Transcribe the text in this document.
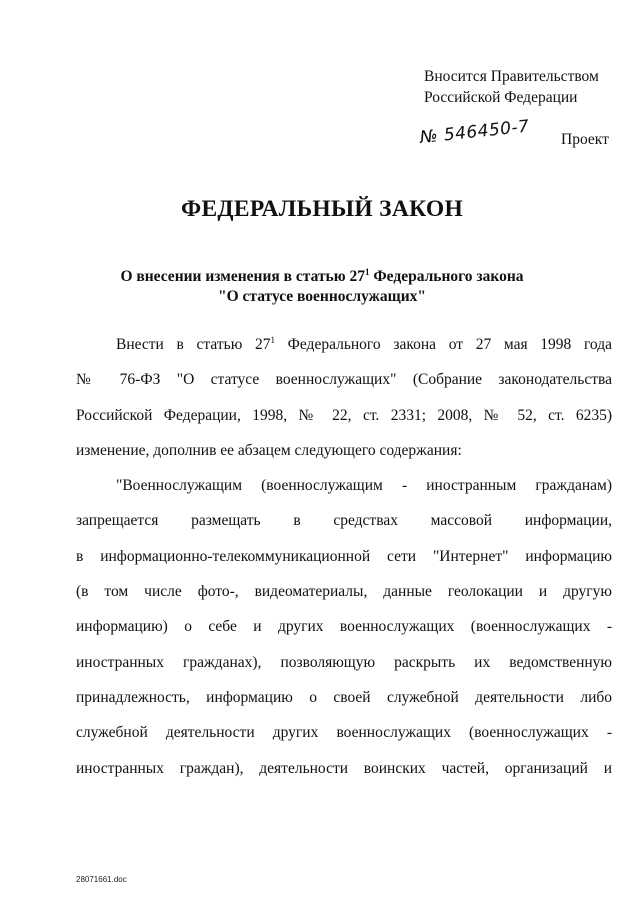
Вносится Правительством
Российской Федерации
№ 546450-7 Проект
ФЕДЕРАЛЬНЫЙ ЗАКОН
О внесении изменения в статью $27^1$ Федерального закона
"О статусе военнослужащих"
Внести в статью $27^1$ Федерального закона от 27 мая 1998 года
№ 76-ФЗ "О статусе военнослужащих" (Собрание законодательства
Российской Федерации, 1998, № 22, ст. 2331; 2008, № 52, ст. 6235)
изменение, дополнив ее абзацем следующего содержания:
"Военнослужащим (военнослужащим - иностранным гражданам)
запрещается размещать в средствах массовой информации,
в информационно-телекоммуникационной сети "Интернет" информацию
(в том числе фото-, видеоматериалы, данные геолокации и другую
информацию) о себе и других военнослужащих (военнослужащих -
иностранных гражданах), позволяющую раскрыть их ведомственную
принадлежность, информацию о своей служебной деятельности либо
служебной деятельности других военнослужащих (военнослужащих -
иностранных граждан), деятельности воинских частей, организаций и
28071661.doc
